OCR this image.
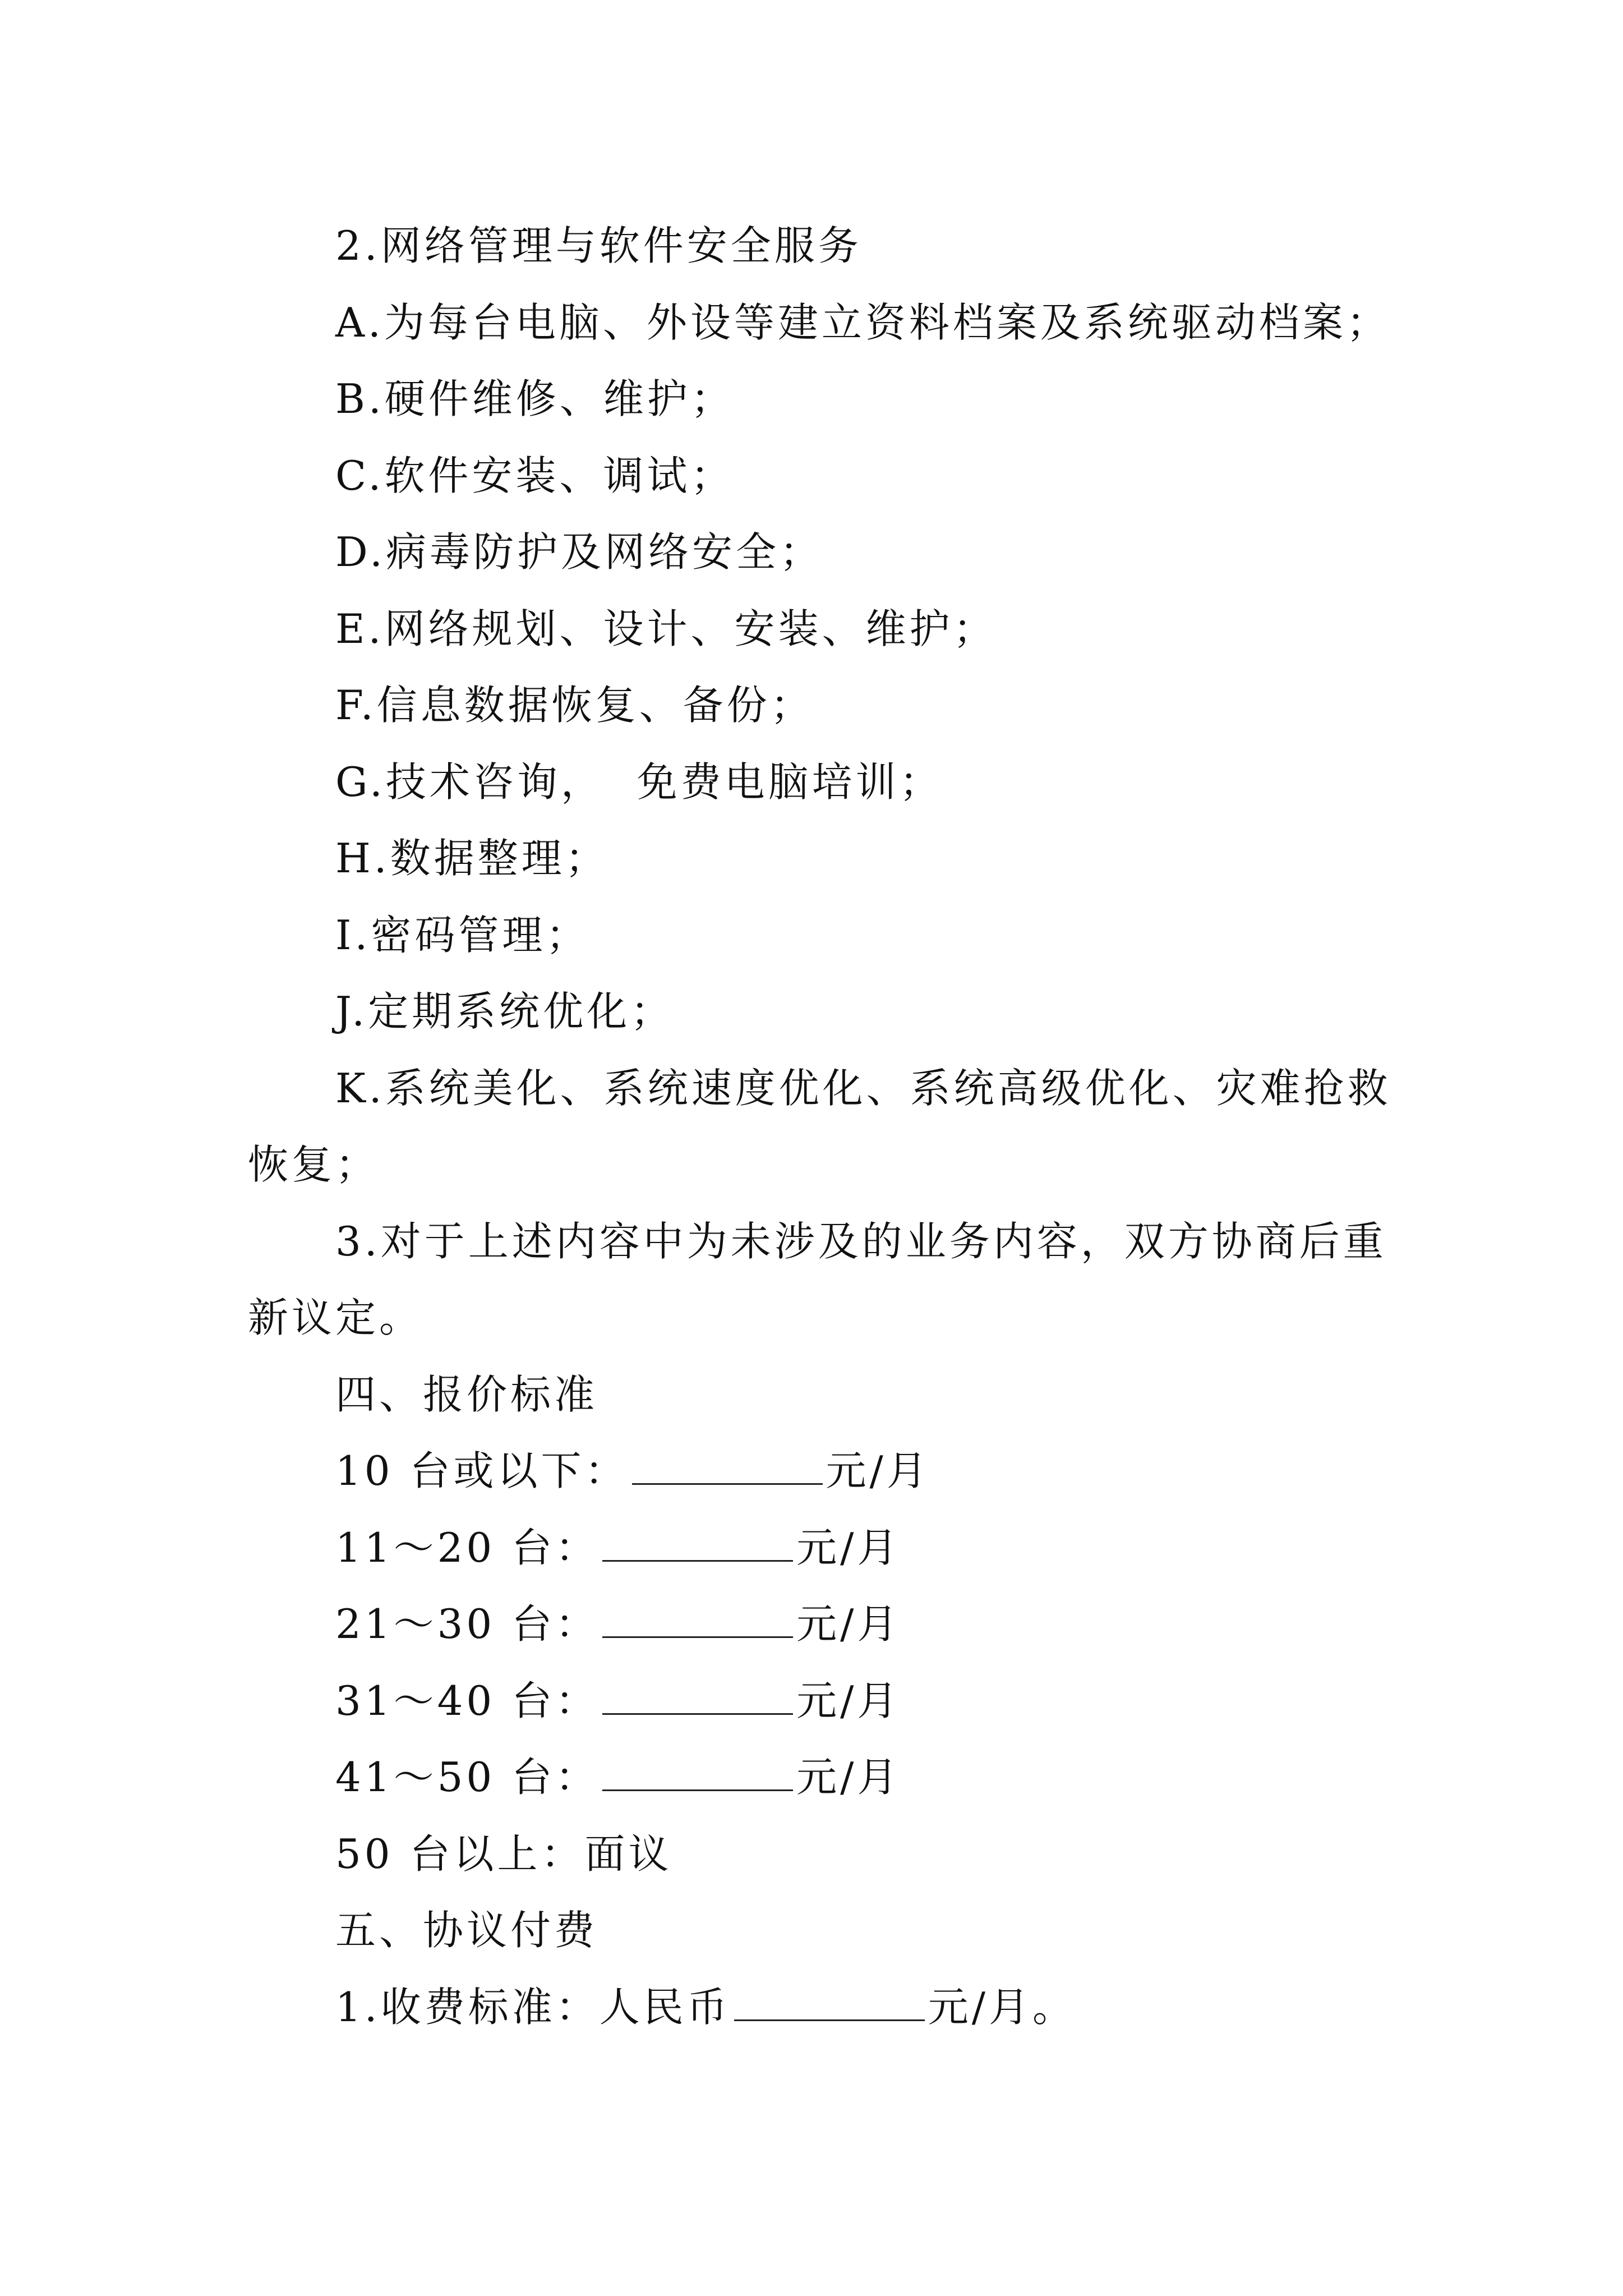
2.网络管理与软件安全服务
A.为每台电脑、外设等建立资料档案及系统驱动档案；
B.硬件维修、维护；
C.软件安装、调试；
D.病毒防护及网络安全；
E.网络规划、设计、安装、维护；
F.信息数据恢复、备份；
G.技术咨询，  免费电脑培训；
H.数据整理；
I.密码管理；
J.定期系统优化；
K.系统美化、系统速度优化、系统高级优化、灾难抢救
恢复；
3.对于上述内容中为未涉及的业务内容，双方协商后重
新议定。
四、报价标准
10 台或以下：	元/月
11～20 台：	元/月
21～30 台：	元/月
31～40 台：	元/月
41～50 台：	元/月
50 台以上：面议
五、协议付费
1.收费标准：人民币	元/月。
